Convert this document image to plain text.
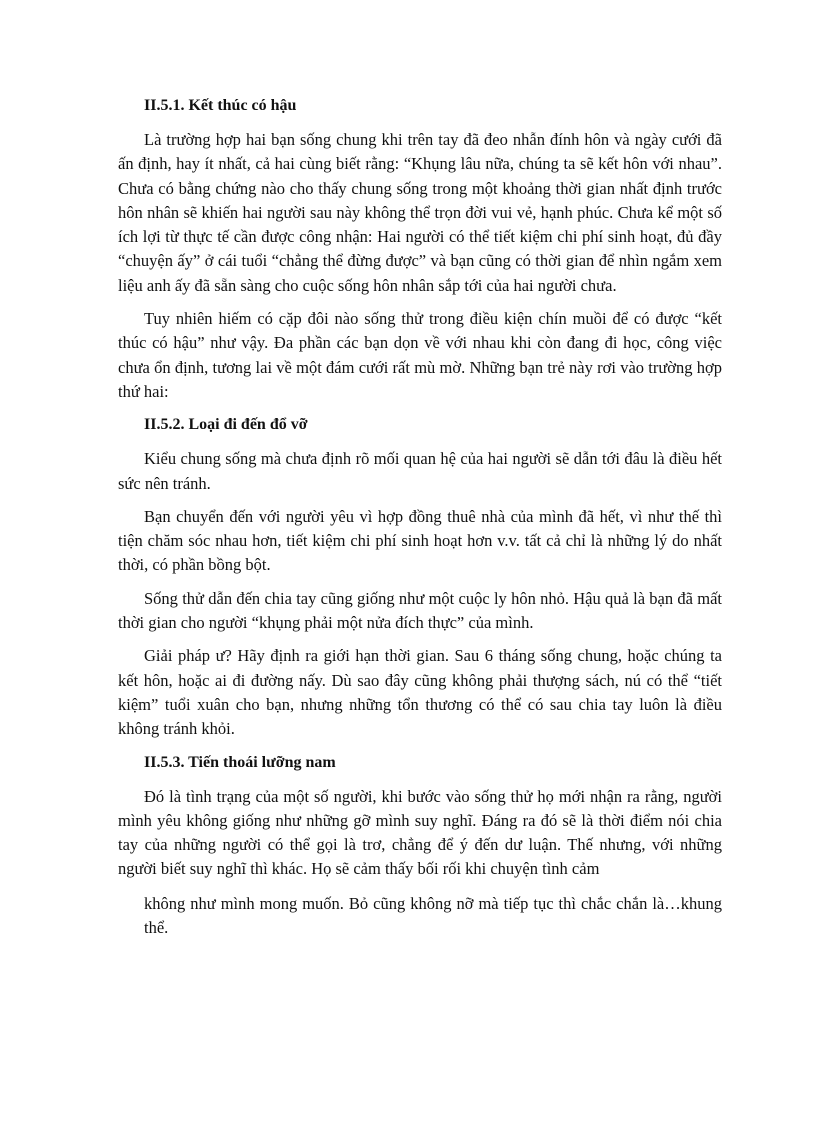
II.5.1. Kết thúc có hậu

Là trường hợp hai bạn sống chung khi trên tay đã đeo nhẫn đính hôn và ngày cưới đã ấn định, hay ít nhất, cả hai cùng biết rằng: “Khụng lâu nữa, chúng ta sẽ kết hôn với nhau”. Chưa có bằng chứng nào cho thấy chung sống trong một khoảng thời gian nhất định trước hôn nhân sẽ khiến hai người sau này không thể trọn đời vui vẻ, hạnh phúc. Chưa kể một số ích lợi từ thực tế cần được công nhận: Hai người có thể tiết kiệm chi phí sinh hoạt, đủ đầy “chuyện ấy” ở cái tuổi “chẳng thể đừng được” và bạn cũng có thời gian để nhìn ngắm xem liệu anh ấy đã sẵn sàng cho cuộc sống hôn nhân sắp tới của hai người chưa.

Tuy nhiên hiếm có cặp đôi nào sống thử trong điều kiện chín muồi để có được “kết thúc có hậu” như vậy. Đa phần các bạn dọn về với nhau khi còn đang đi học, công việc chưa ổn định, tương lai về một đám cưới rất mù mờ. Những bạn trẻ này rơi vào trường hợp thứ hai:

II.5.2. Loại đi đến đổ vỡ

Kiểu chung sống mà chưa định rõ mối quan hệ của hai người sẽ dẫn tới đâu là điều hết sức nên tránh.

Bạn chuyển đến với người yêu vì hợp đồng thuê nhà của mình đã hết, vì như thế thì tiện chăm sóc nhau hơn, tiết kiệm chi phí sinh hoạt hơn v.v. tất cả chỉ là những lý do nhất thời, có phần bồng bột.

Sống thử dẫn đến chia tay cũng giống như một cuộc ly hôn nhỏ. Hậu quả là bạn đã mất thời gian cho người “khụng phải một nửa đích thực” của mình.

Giải pháp ư? Hãy định ra giới hạn thời gian. Sau 6 tháng sống chung, hoặc chúng ta kết hôn, hoặc ai đi đường nấy. Dù sao đây cũng không phải thượng sách, nú có thể “tiết kiệm” tuổi xuân cho bạn, nhưng những tổn thương có thể có sau chia tay luôn là điều không tránh khỏi.

II.5.3. Tiến thoái lưỡng nam

Đó là tình trạng của một số người, khi bước vào sống thử họ mới nhận ra rằng, người mình yêu không giống như những gỡ mình suy nghĩ. Đáng ra đó sẽ là thời điểm nói chia tay của những người có thể gọi là trơ, chẳng để ý đến dư luận. Thế nhưng, với những người biết suy nghĩ thì khác. Họ sẽ cảm thấy bối rối khi chuyện tình cảm

không như mình mong muốn. Bỏ cũng không nỡ mà tiếp tục thì chắc chắn là…khung thể.
